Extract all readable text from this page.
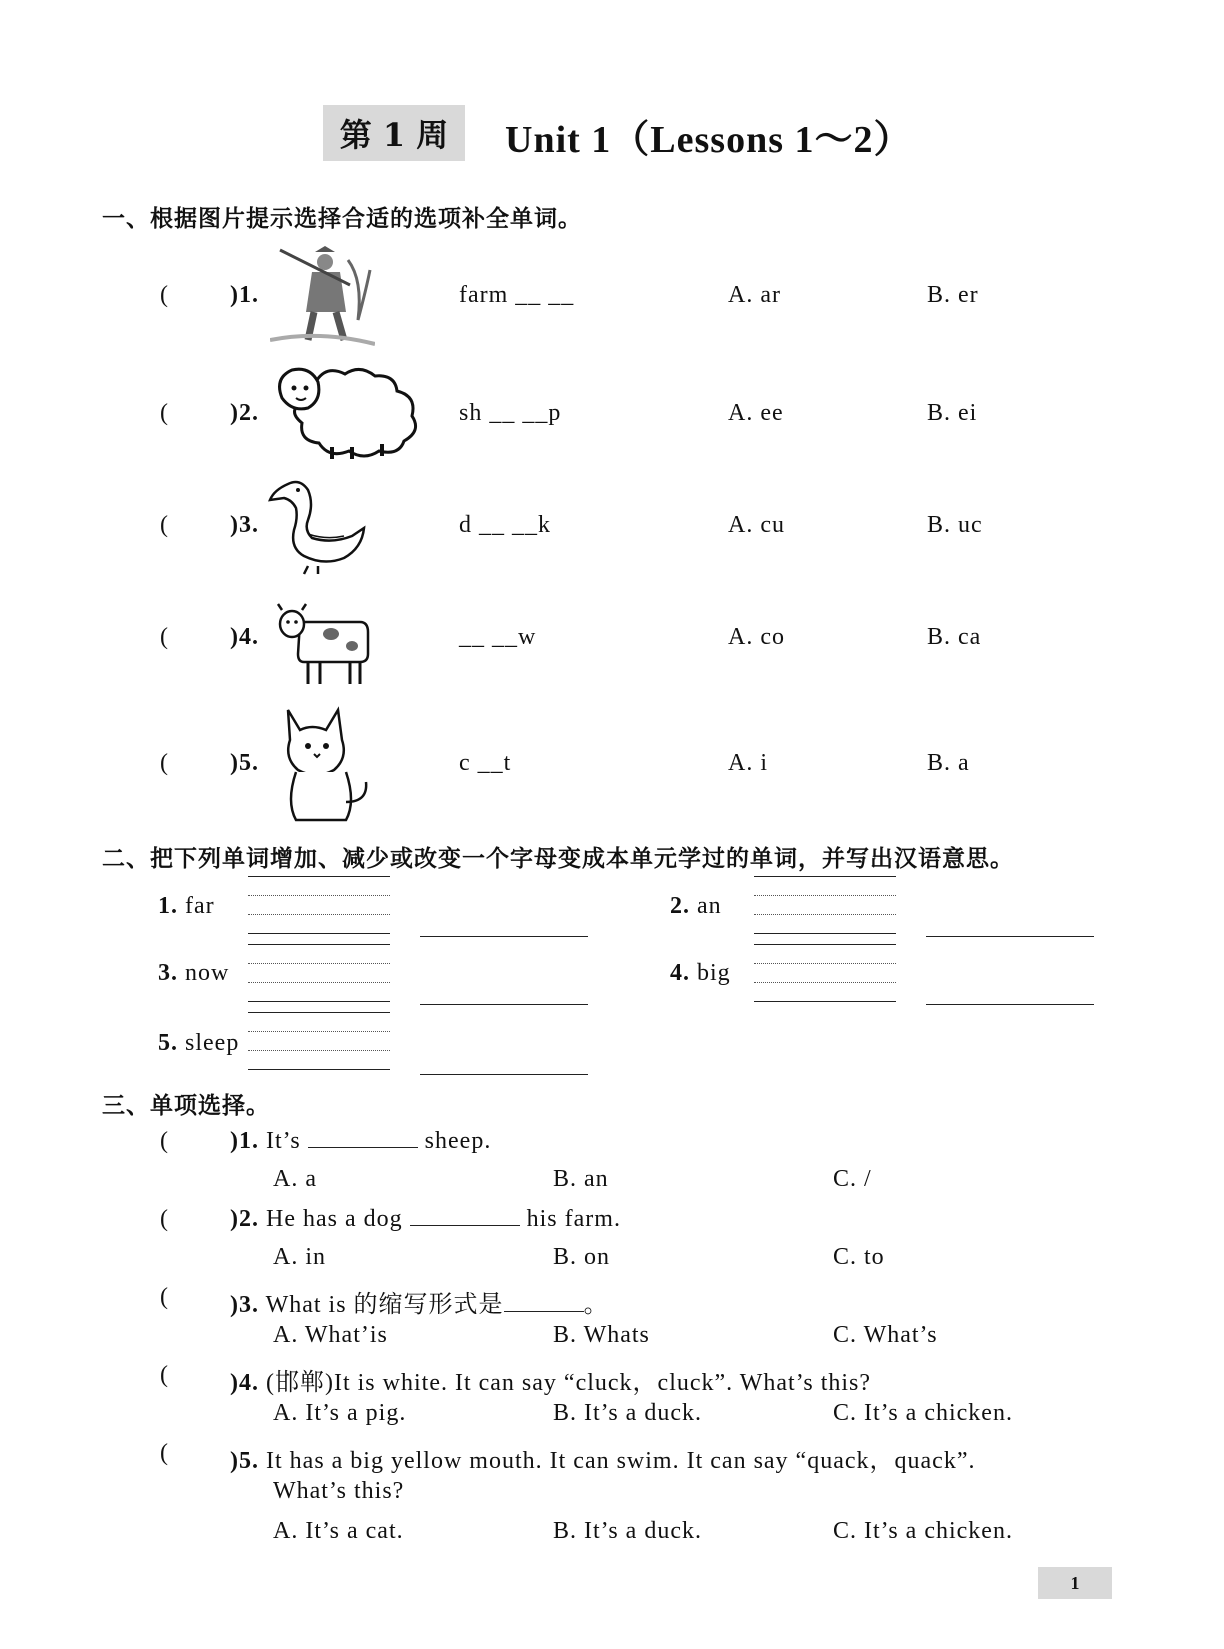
第 1 周	Unit 1（Lessons 1～2）
一、根据图片提示选择合适的选项补全单词。
(	)1.	farm __ __	A. ar	B. er
(	)2.	sh __ __p	A. ee	B. ei
(	)3.	d __ __k	A. cu	B. uc
(	)4.	__ __w	A. co	B. ca
(	)5.	c __t	A. i	B. a
二、把下列单词增加、减少或改变一个字母变成本单元学过的单词，并写出汉语意思。
1. far	2. an
3. now	4. big
5. sleep
三、单项选择。
(	)1. It’s	sheep.
A. a	B. an	C. /
(	)2. He has a dog	his farm.
A. in	B. on	C. to
(	)3. What is 的缩写形式是	。
A. What’is	B. Whats	C. What’s
(	)4. (邯郸)It is white. It can say “cluck，cluck”. What’s this?
A. It’s a pig.	B. It’s a duck.	C. It’s a chicken.
(	)5. It has a big yellow mouth. It can swim. It can say “quack，quack”.
What’s this?
A. It’s a cat.	B. It’s a duck.	C. It’s a chicken.
1
